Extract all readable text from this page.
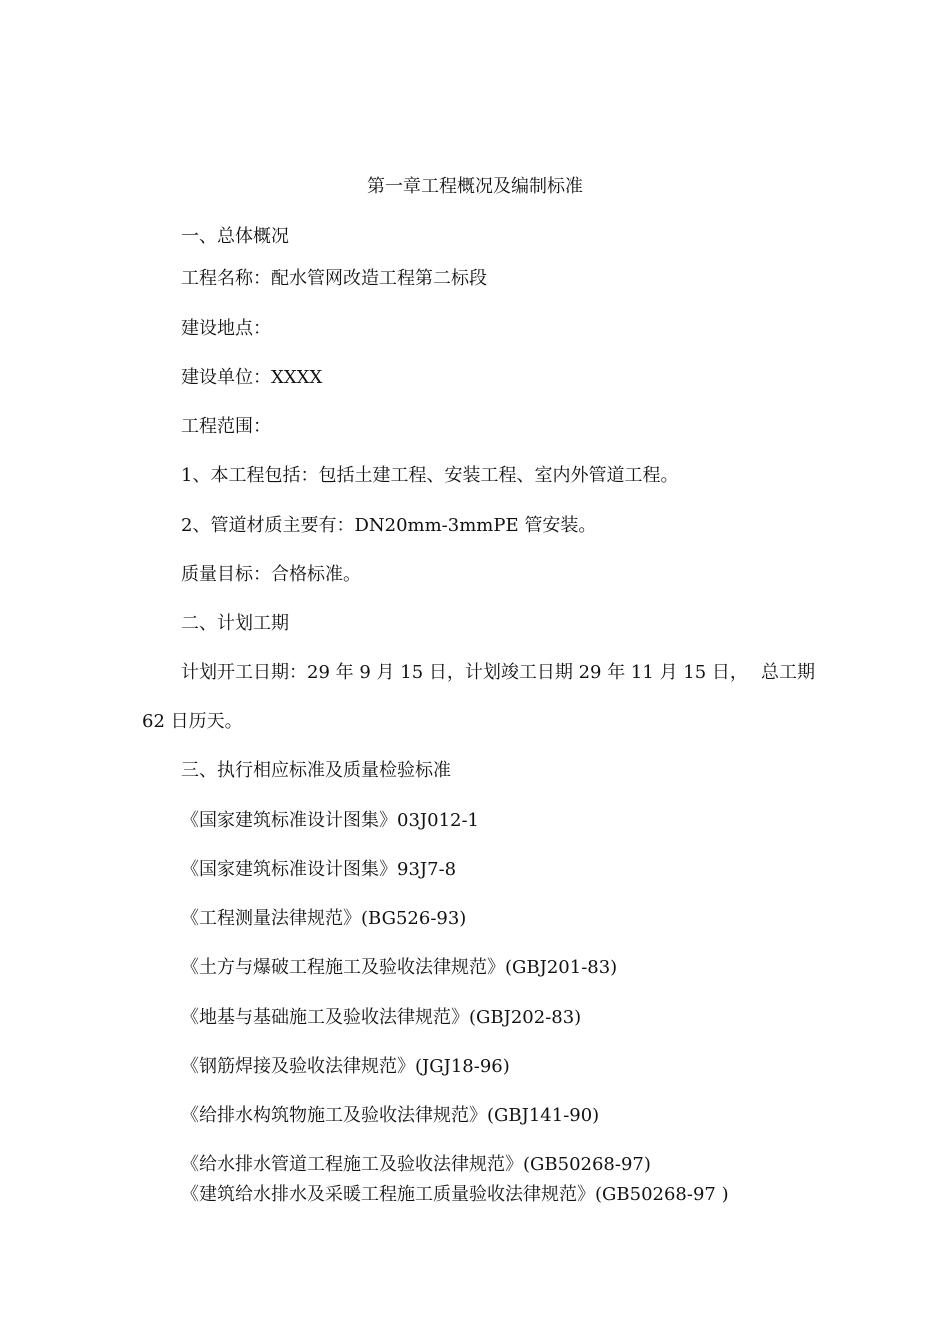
第一章工程概况及编制标准
一、总体概况
工程名称：配水管网改造工程第二标段
建设地点：
建设单位：XXXX
工程范围：
1、本工程包括：包括土建工程、安装工程、室内外管道工程。
2、管道材质主要有：DN20mm-3mmPE 管安装。
质量目标：合格标准。
二、计划工期
计划开工日期：29 年 9 月 15 日，计划竣工日期 29 年 11 月 15 日， 总工期
62 日历天。
三、执行相应标准及质量检验标准
《国家建筑标准设计图集》03J012-1
《国家建筑标准设计图集》93J7-8
《工程测量法律规范》(BG526-93)
《土方与爆破工程施工及验收法律规范》(GBJ201-83)
《地基与基础施工及验收法律规范》(GBJ202-83)
《钢筋焊接及验收法律规范》(JGJ18-96)
《给排水构筑物施工及验收法律规范》(GBJ141-90)
《给水排水管道工程施工及验收法律规范》(GB50268-97)
《建筑给水排水及采暖工程施工质量验收法律规范》(GB50268-97 )
